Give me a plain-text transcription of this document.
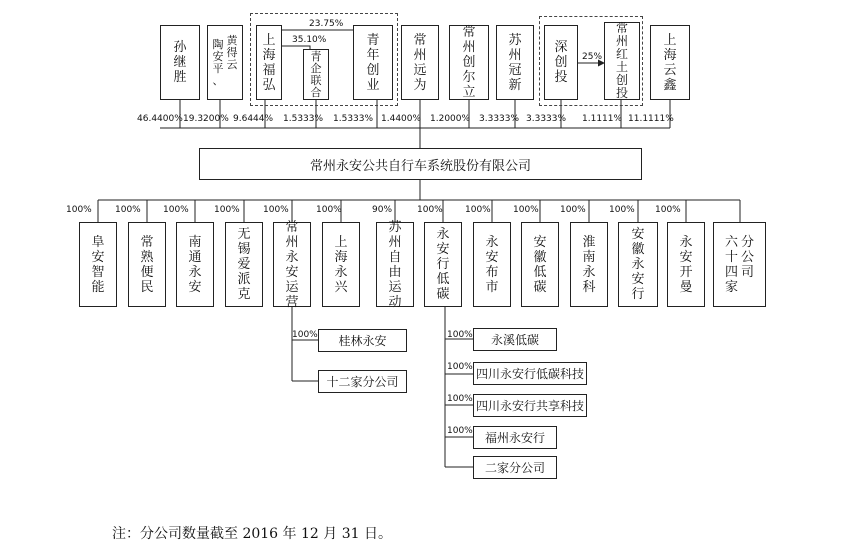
孙
继
胜
陶
安
平
、
黄
得
云
上
海
福
弘
青
企
联
合
青
年
创
业
常
州
远
为
常
州
创
尔
立
苏
州
冠
新
深
创
投
常
州
红
土
创
投
上
海
云
鑫
23.75%
35.10%
25%
46.4400% 19.3200% 9.6444% 1.5333% 1.5333% 1.4400% 1.2000% 3.3333% 3.3333% 1.1111% 11.1111%
常州永安公共自行车系统股份有限公司
100%	100% 100%	100%	100%	100%	90%	100% 100% 100% 100%	100% 100%
阜
安
智
能
常
熟
便
民
南
通
永
安
无
锡
爱
派
克
常
州
永
安
运
营
上
海
永
兴
苏
州
自
由
运
动
永
安
行
低
碳
永
安
布
市
安
徽
低
碳
淮
南
永
科
安
徽
永
安
行
永
安
开
曼
六
十
四
家
分
公
司
100% 桂林永安
十二家分公司
100% 永溪低碳
100% 四川永安行低碳科技
100% 四川永安行共享科技
100% 福州永安行
二家分公司
注：分公司数量截至 2016 年 12 月 31 日。
